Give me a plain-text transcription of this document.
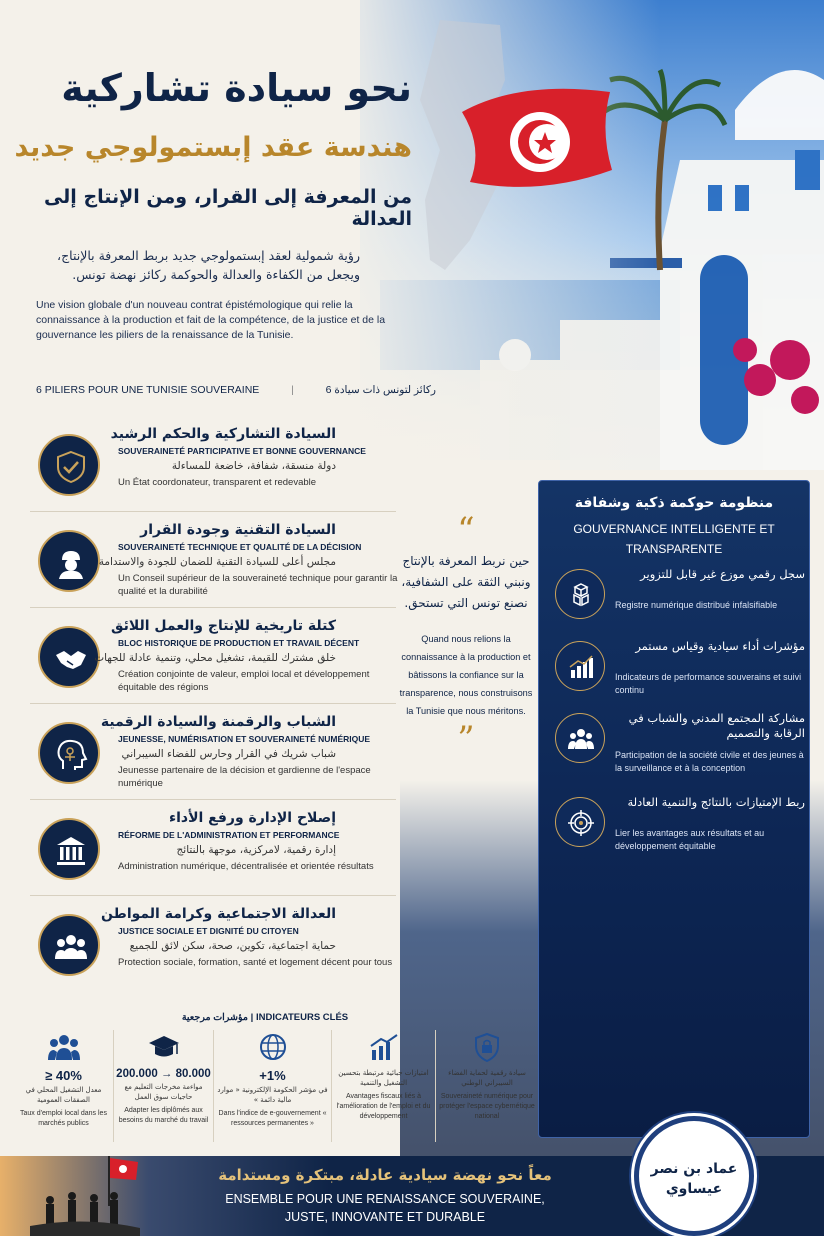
نحو سيادة تشاركية
هندسة عقد إبستمولوجي جديد
من المعرفة إلى القرار، ومن الإنتاج إلى العدالة
رؤية شمولية لعقد إبستمولوجي جديد بربط المعرفة بالإنتاج، ويجعل من الكفاءة والعدالة والحوكمة ركائز نهضة تونس.
Une vision globale d'un nouveau contrat épistémologique qui relie la connaissance à la production et fait de la compétence, de la justice et de la gouvernance les piliers de la renaissance de la Tunisie.
6 PILIERS POUR UNE TUNISIE SOUVERAINE	|	ركائز لتونس ذات سيادة 6
السيادة التشاركية والحكم الرشيد
SOUVERAINETÉ PARTICIPATIVE ET BONNE GOUVERNANCE
دولة منسقة، شفافة، خاضعة للمساءلة
Un État coordonateur, transparent et redevable
السيادة التقنية وجودة القرار
SOUVERAINETÉ TECHNIQUE ET QUALITÉ DE LA DÉCISION
مجلس أعلى للسيادة التقنية للضمان للجودة والاستدامة
Un Conseil supérieur de la souveraineté technique pour garantir la qualité et la durabilité
كتلة تاريخية للإنتاج والعمل اللائق
BLOC HISTORIQUE DE PRODUCTION ET TRAVAIL DÉCENT
خلق مشترك للقيمة، تشغيل محلي، وتنمية عادلة للجهات
Création conjointe de valeur, emploi local et développement équitable des régions
الشباب والرقمنة والسيادة الرقمية
JEUNESSE, NUMÉRISATION ET SOUVERAINETÉ NUMÉRIQUE
شباب شريك في القرار وحارس للفضاء السيبراني
Jeunesse partenaire de la décision et gardienne de l'espace numérique
إصلاح الإدارة ورفع الأداء
RÉFORME DE L'ADMINISTRATION ET PERFORMANCE
إدارة رقمية، لامركزية، موجهة بالنتائج
Administration numérique, décentralisée et orientée résultats
العدالة الاجتماعية وكرامة المواطن
JUSTICE SOCIALE ET DIGNITÉ DU CITOYEN
حماية اجتماعية، تكوين، صحة، سكن لائق للجميع
Protection sociale, formation, santé et logement décent pour tous
“
حين نربط المعرفة بالإنتاج ونبني الثقة على الشفافية، نصنع تونس التي تستحق.
Quand nous relions la connaissance à la production et bâtissons la confiance sur la transparence, nous construisons la Tunisie que nous méritons.
”
منظومة حوكمة ذكية وشفافة
GOUVERNANCE INTELLIGENTE ET TRANSPARENTE
سجل رقمي موزع غير قابل للتزوير
Registre numérique distribué infalsifiable
مؤشرات أداء سيادية وقياس مستمر
Indicateurs de performance souverains et suivi continu
مشاركة المجتمع المدني والشباب في الرقابة والتصميم
Participation de la société civile et des jeunes à la surveillance et à la conception
ربط الإمتيازات بالنتائج والتنمية العادلة
Lier les avantages aux résultats et au développement équitable
مؤشرات مرجعية | INDICATEURS CLÉS
≥ 40%
معدل التشغيل المحلي في الصفقات العمومية
Taux d'emploi local dans les marchés publics
200.000 → 80.000
مواءمة مخرجات التعليم مع حاجيات سوق العمل
Adapter les diplômés aux besoins du marché du travail
+1%
في مؤشر الحكومة الإلكترونية « موارد مالية دائمة »
Dans l'indice de e-gouvernement « ressources permanentes »
امتيازات جبائية مرتبطة بتحسين التشغيل والتنمية
Avantages fiscaux liés à l'amélioration de l'emploi et du développement
سيادة رقمية لحماية الفضاء السيبراني الوطني
Souveraineté numérique pour protéger l'espace cybernétique national
معاً نحو نهضة سيادية عادلة، مبتكرة ومستدامة
ENSEMBLE POUR UNE RENAISSANCE SOUVERAINE,
JUSTE, INNOVANTE ET DURABLE
عماد بن نصر
عيساوي
